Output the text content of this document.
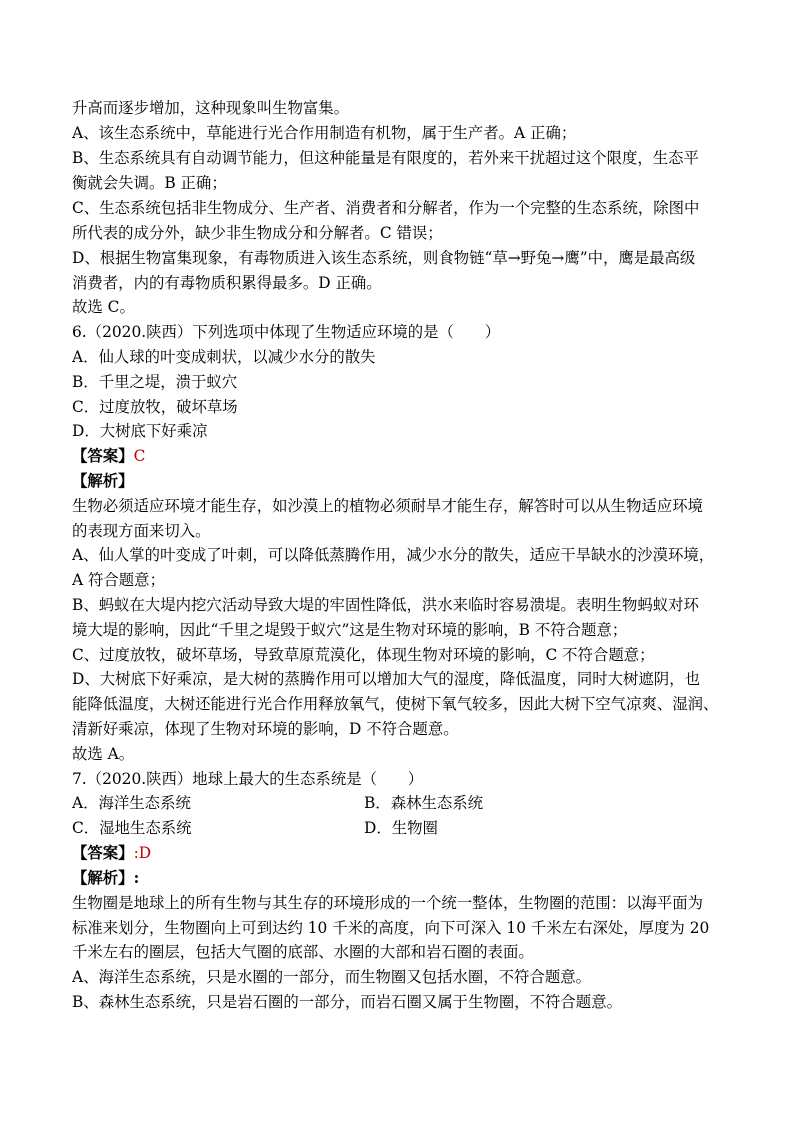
升高而逐步增加，这种现象叫生物富集。
A、该生态系统中，草能进行光合作用制造有机物，属于生产者。A 正确；
B、生态系统具有自动调节能力，但这种能量是有限度的，若外来干扰超过这个限度，生态平
衡就会失调。B 正确；
C、生态系统包括非生物成分、生产者、消费者和分解者，作为一个完整的生态系统，除图中
所代表的成分外，缺少非生物成分和分解者。C 错误；
D、根据生物富集现象，有毒物质进入该生态系统，则食物链“草→野兔→鹰”中，鹰是最高级
消费者，内的有毒物质积累得最多。D 正确。
故选 C。
6.（2020.陕西）下列选项中体现了生物适应环境的是（　　）
A．仙人球的叶变成刺状，以减少水分的散失
B．千里之堤，溃于蚁穴
C．过度放牧，破坏草场
D．大树底下好乘凉
【答案】C
【解析】
生物必须适应环境才能生存，如沙漠上的植物必须耐旱才能生存，解答时可以从生物适应环境
的表现方面来切入。
A、仙人掌的叶变成了叶刺，可以降低蒸腾作用，减少水分的散失，适应干旱缺水的沙漠环境，
A 符合题意；
B、蚂蚁在大堤内挖穴活动导致大堤的牢固性降低，洪水来临时容易溃堤。表明生物蚂蚁对环
境大堤的影响，因此“千里之堤毁于蚁穴”这是生物对环境的影响，B 不符合题意；
C、过度放牧，破坏草场，导致草原荒漠化，体现生物对环境的影响，C 不符合题意；
D、大树底下好乘凉，是大树的蒸腾作用可以增加大气的湿度，降低温度，同时大树遮阴，也
能降低温度，大树还能进行光合作用释放氧气，使树下氧气较多，因此大树下空气凉爽、湿润、
清新好乘凉，体现了生物对环境的影响，D 不符合题意。
故选 A。
7.（2020.陕西）地球上最大的生态系统是（　　）
A．海洋生态系统	B．森林生态系统
C．湿地生态系统	D．生物圈
【答案】:D
【解析】:
生物圈是地球上的所有生物与其生存的环境形成的一个统一整体，生物圈的范围：以海平面为
标准来划分，生物圈向上可到达约 10 千米的高度，向下可深入 10 千米左右深处，厚度为 20
千米左右的圈层，包括大气圈的底部、水圈的大部和岩石圈的表面。
A、海洋生态系统，只是水圈的一部分，而生物圈又包括水圈，不符合题意。
B、森林生态系统，只是岩石圈的一部分，而岩石圈又属于生物圈，不符合题意。
